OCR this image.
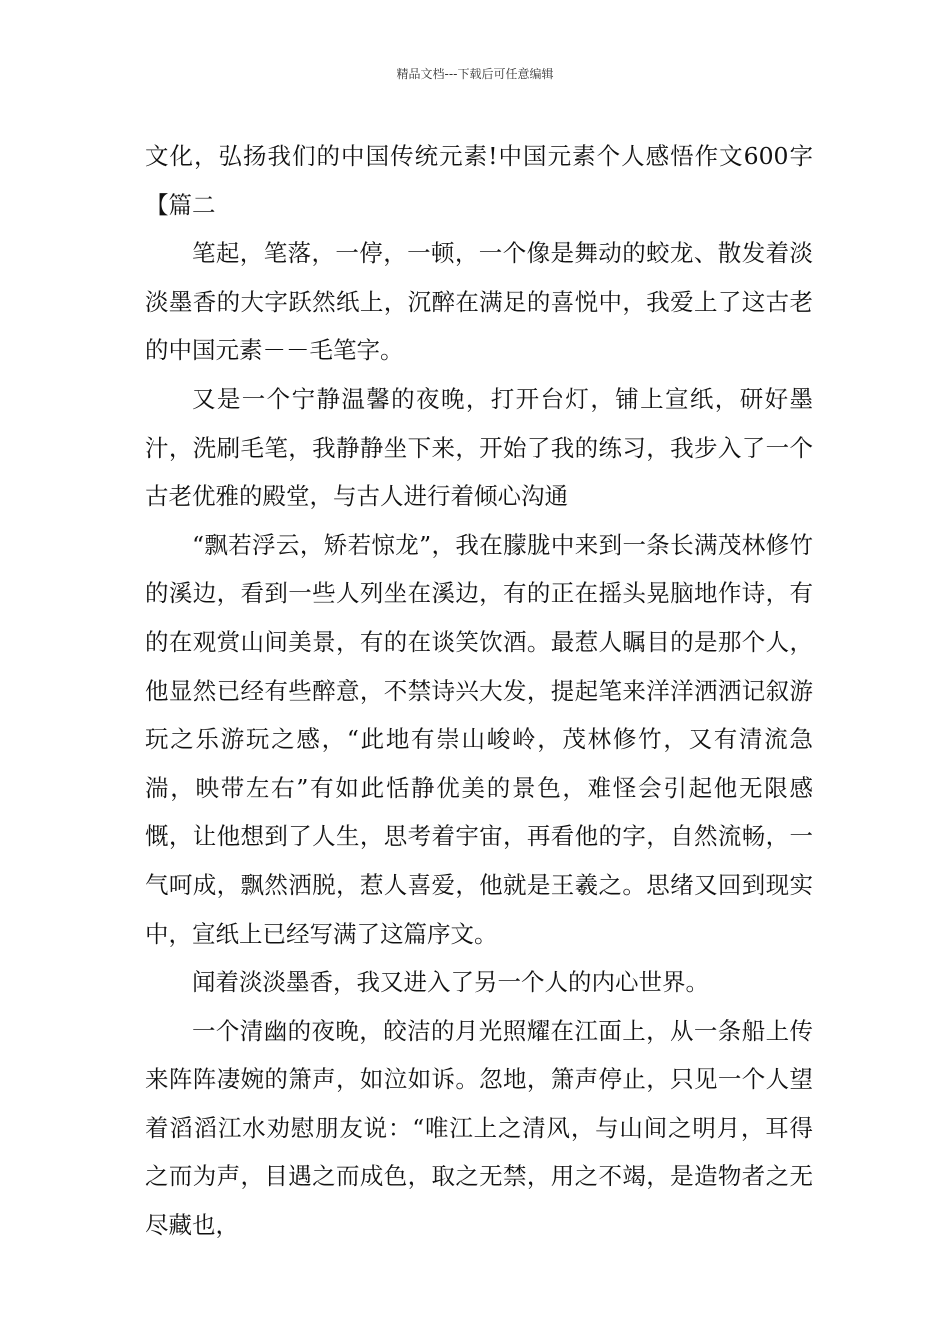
精品文档---下载后可任意编辑

文化，弘扬我们的中国传统元素!中国元素个人感悟作文600字【篇二

笔起，笔落，一停，一顿，一个像是舞动的蛟龙、散发着淡淡墨香的大字跃然纸上，沉醉在满足的喜悦中，我爱上了这古老的中国元素－－毛笔字。

又是一个宁静温馨的夜晚，打开台灯，铺上宣纸，研好墨汁，洗刷毛笔，我静静坐下来，开始了我的练习，我步入了一个古老优雅的殿堂，与古人进行着倾心沟通

“飘若浮云，矫若惊龙”，我在朦胧中来到一条长满茂林修竹的溪边，看到一些人列坐在溪边，有的正在摇头晃脑地作诗，有的在观赏山间美景，有的在谈笑饮酒。最惹人瞩目的是那个人，他显然已经有些醉意，不禁诗兴大发，提起笔来洋洋洒洒记叙游玩之乐游玩之感，“此地有崇山峻岭，茂林修竹，又有清流急湍，映带左右”有如此恬静优美的景色，难怪会引起他无限感慨，让他想到了人生，思考着宇宙，再看他的字，自然流畅，一气呵成，飘然洒脱，惹人喜爱，他就是王羲之。思绪又回到现实中，宣纸上已经写满了这篇序文。

闻着淡淡墨香，我又进入了另一个人的内心世界。

一个清幽的夜晚，皎洁的月光照耀在江面上，从一条船上传来阵阵凄婉的箫声，如泣如诉。忽地，箫声停止，只见一个人望着滔滔江水劝慰朋友说：“唯江上之清风，与山间之明月，耳得之而为声，目遇之而成色，取之无禁，用之不竭，是造物者之无尽藏也，
